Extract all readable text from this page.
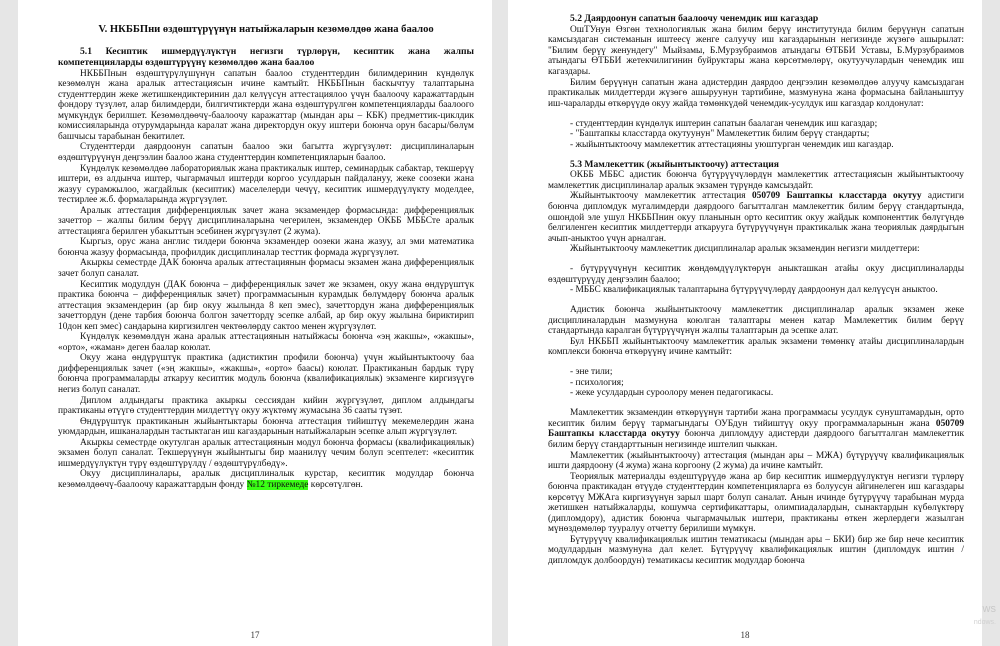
V. НКББПни өздөштүрүүнүн натыйжаларын кезөмөлдөө жана баалоо

5.1 Кесиптик ишмердүүлүктүн негизги түрлөрүн, кесиптик жана жалпы компетенцияларды өздөштүрүүнү кезөмөлдөө жана баалоо

НКББПнын өздөштүрүлүшүнүн сапатын баалоо студенттердин билимдеринин күндөлүк кезөмөлүн жана аралык аттестациясын ичине камтыйт. НКББПнын баскычтуу талаптарына студенттердин жеке жетишкендиктеринин дал келүүсүн аттестациялоо үчүн баалоочу каражаттардын фондору түзүлөт, алар билимдерди, билгичтиктерди жана өздөштүрүлгөн компетенцияларды баалоого мүмкүндүк берилшет. Кезөмөлдөөчү-баалоочу каражаттар (мындан ары – КБК) предметтик-циклдик комиссияларында отурумдарында каралат жана директордун окуу иштери боюнча орун басары/бөлүм башчысы тарабынан бекитилет.

Студенттерди даярдоонун сапатын баалоо эки багытта жүргүзүлөт: дисциплиналарын өздөштүрүүнүн деңгээлин баалоо жана студенттердин компетенцияларын баалоо.

Күндөлүк кезөмөлдөө лабораториялык жана практикалык иштер, семинардык сабактар, текшерүү иштери, өз алдынча иштер, чыгармачыл иштерди коргоо усулдарын пайдалануу, жеке соозеки жана жазуу сурамжылоо, жагдайлык (кесиптик) маселелерди чечүү, кесиптик ишмердүүлүкту моделдее, тестирлее ж.б. формаларында жүргүзүлөт.

Аралык аттестация дифференциялык зачет жана экзамендер формасында: дифференциялык зачеттор – жалпы билим берүү дисциплиналарына чегерилен, экзамендер ОКББ МББСте аралык аттестацияга берилген убакыттын эсебинен жүргүзүлөт (2 жума).

Кыргыз, орус жана англис тилдери боюнча экзамендер оозеки жана жазуу, ал эми математика боюнча жазуу формасында, профилдик дисциплиналар тесттик формада жүргүзүлөт.

Акыркы семестрде ДАК боюнча аралык аттестациянын формасы экзамен жана дифференциялык зачет болуп саналат.

Кесиптик модулдун (ДАК боюнча – дифференциялык зачет же экзамен, окуу жана өндүрүштүк практика боюнча – дифференциялык зачет) программасынын курамдык бөлүмдөрү боюнча аралык аттестация экзамендерин (ар бир окуу жылында 8 кеп эмес), зачеттордун жана дифференциялык зачеттордун (дене тарбия боюнча болгон зачеттордү эсепке албай, ар бир окуу жылына бириктирип 10дон кеп эмес) сандарына киргизилген чектөөлөрду сактоо менен жүргүзүлөт.

Күндөлүк кезөмөлдүн жана аралык аттестациянын натыйжасы боюнча «эң жакшы», «жакшы», «орто», «жаман» деген баалар коюлат.

Окуу жана өндүрүштүк практика (адистиктин профили боюнча) үчүн жыйынтыктоочу баа дифференциялык зачет («эң жакшы», «жакшы», «орто» баасы) коюлат. Практиканын бардык түрү боюнча программаларды аткаруу кесиптик модуль боюнча (квалификациялык) экзаменге киргизүүгө негиз болуп саналат.

Диплом алдындагы практика акыркы сессиядан кийин жүргүзүлөт, диплом алдындагы практиканы өтүүгө студенттердин милдеттүү окуу жүктөмү жумасына 36 сааты түзөт.

Өндүрүштүк практиканын жыйынтыктары боюнча аттестация тийиштүү мекемелердин жана уюмдардын, ишканалардын тастыктаган иш кагаздарынын натыйжаларын эсепке алып жүргүзүлөт.

Акыркы семестрде окутулган аралык аттестациянын модул боюнча формасы (квалификациялык) экзамен болуп саналат. Текшерүүнүн жыйынтыгы бир маанилүү чечим болуп эсептелет: «кесиптик ишмердүүлүктүн түрү өздөштүрүлдү / өздөштүрүлбөдү».

Окуу дисциплиналары, аралык дисциплиналык курстар, кесиптик модулдар боюнча кезөмөлдөөчү-баалоочу каражаттардын фонду №12 тиркемеде көрсөтүлгөн.

17

5.2 Даярдоонун сапатын баалоочу ченемдик иш кагаздар

ОшТУнун Өзгөн технологиялык жана билим берүү институтунда билим берүүнүн сапатын камсыздаган системанын иштеесү женге салуучу иш кагаздарынын негизинде жүзөгө ашырылат: "Билим берүү женундегу" Мыйзамы, Б.Мурзубраимов атындагы ӨТББИ Уставы, Б.Мурзубраимов атындагы ӨТББИ жетекчилигинин буйруктары жана көрсөтмөлөрү, окутуучулардын ченемдик иш кагаздары.

Билим берүүнүн сапатын жана адистердин даярдоо деңгээлин кезөмөлдөө алуучу камсыздаган практикалык милдеттерди жүзөгө ашыруунун тартибине, мазмунуна жана формасына байланыштуу иш-чараларды өткөрүүдө окуу жайда төмөнкүдөй ченемдик-усулдук иш кагаздар колдонулат:

- студенттердин күндөлүк иштерин сапатын баалаган ченемдик иш кагаздар;
- "Баштапкы класстарда окутуунун" Мамлекеттик билим берүү стандарты;
- жыйынтыктоочу мамлекеттик аттестацияны уюштурган ченемдик иш кагаздар.

5.3 Мамлекеттик (жыйынтыктоочу) аттестация

ОКББ МББС адистик боюнча бүтүрүүчүлөрдүн мамлекеттик аттестациясын жыйынтыктоочу мамлекеттик дисциплиналар аралык экзамен түрүндө камсыздайт.

Жыйынтыктоочу мамлекеттик аттестация 050709 Баштапкы класстарда окутуу адистиги боюнча дипломдук мугалимдерди даярдоого багытталган мамлекеттик билим берүү стандартында, ошондой эле ушул НКББПнин окуу планынын орто кесиптик окуу жайдык компоненттик бөлүгүндө белгиленген кесиптик милдеттерди аткарууга бүтүрүүчүнүн практикалык жана теориялык даярдыгын ачып-аныктоо үчүн арналган.

Жыйынтыктоочу мамлекеттик дисциплиналар аралык экзамендин негизги милдеттери:

- бүтүрүүчүнүн кесиптик жөндөмдүүлүктөрүн аныкташкан атайы окуу дисциплиналарды өздөштүрүүдү деңгээлин баалоо;
- МББС квалификациялык талаптарына бүтүрүүчүлөрдү даярдоонун дал келүүсүн аныктоо.

Адистик боюнча жыйынтыктоочу мамлекеттик дисциплиналар аралык экзамен жеке дисциплиналардын мазмунуна коюлган талаптары менен катар Мамлекеттик билим берүү стандартында каралган бүтүрүүчүнүн жалпы талаптарын да эсепке алат.

Бул НКББП жыйынтыктоочу мамлекеттик аралык экзамени төмөнкү атайы дисциплиналардын комплекси боюнча өткөрүүнү ичине камтыйт:

- эне тили;
- психология;
- жеке усулдардын суроолору менен педагогикасы.

Мамлекеттик экзамендин өткөрүүнүн тартиби жана программасы усулдук сунуштамардын, орто кесиптик билим берүү тармагындагы ОУБдун тийиштүү окуу программаларынын жана 050709 Баштапкы класстарда окутуу боюнча дипломдуу адистерди даярдоого багытталган мамлекеттик билим берүү стандарттынын негизинде иштелип чыккан.

Мамлекеттик (жыйынтыктоочу) аттестация (мындан ары – МЖА) бүтүрүүчү квалификациялык ишти даярдоону (4 жума) жана коргоону (2 жума) да ичине камтыйт.

Теориялык материалды өздештүрүүдө жана ар бир кесиптик ишмердүүлүктүн негизги түрлөрү боюнча практикадан өтүүдө студенттердин компетенцияларга өз болуусун айгинелеген иш кагаздары көрсөтүү МЖАга киргизүүнүн зарыл шарт болуп саналат. Анын ичинде бүтүрүүчү тарабынан мурда жетишкен натыйжаларды, кошумча сертификаттары, олимпиадалардын, сынактардын күбөлүктөрү (дипломдору), адистик боюнча чыгармачылык иштери, практиканы өткен жерлердеги жазылган мүнөздөмөлөр тууралуу отчетту берилиши мүмкүн.

Бүтүрүүчү квалификациялык иштин тематикасы (мындан ары – БКИ) бир же бир нече кесиптик модулдардын мазмунуна дал келет. Бүтүрүүчү квалификациялык иштин (дипломдук иштин / дипломдук долбоордун) тематикасы кесиптик модулдар боюнча

18
ws
ndows.
